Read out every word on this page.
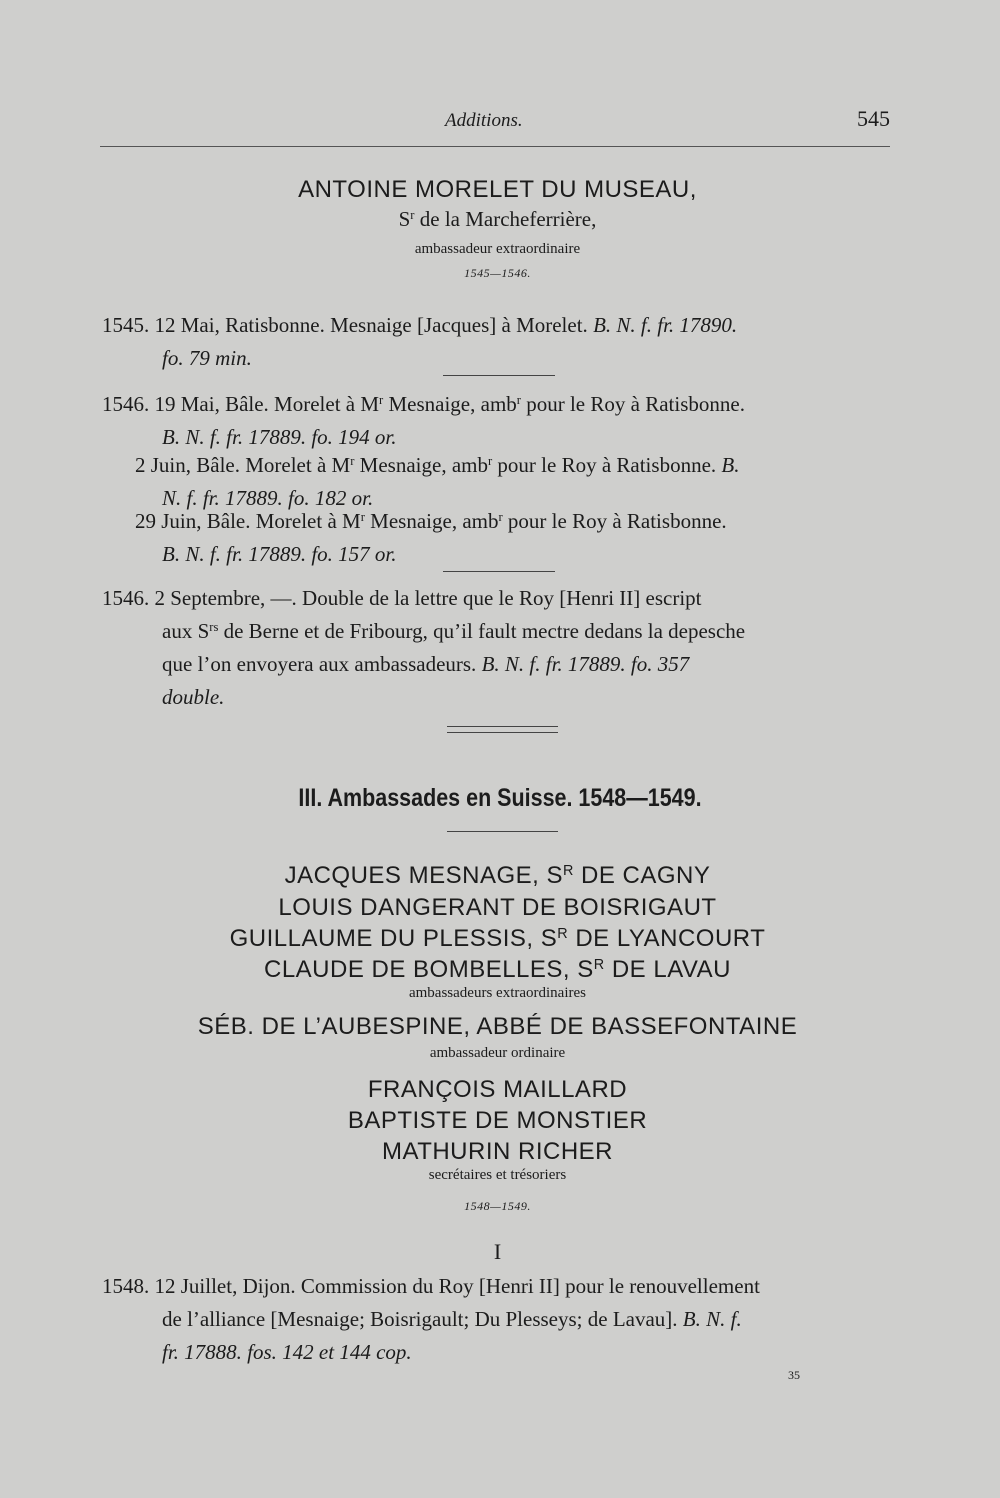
Additions.	545
ANTOINE MORELET DU MUSEAU,
$S^r$ de la Marcheferrière,
ambassadeur extraordinaire
1545—1546.
1545. 12 Mai, Ratisbonne. Mesnaige [Jacques] à Morelet. B. N. f. fr. 17890.
fo. 79 min.
1546. 19 Mai, Bâle. Morelet à $M^r$ Mesnaige, amb$^r$ pour le Roy à Ratisbonne.
B. N. f. fr. 17889. fo. 194 or.
2 Juin, Bâle. Morelet à $M^r$ Mesnaige, amb$^r$ pour le Roy à Ratisbonne. B.
N. f. fr. 17889. fo. 182 or.
29 Juin, Bâle. Morelet à $M^r$ Mesnaige, amb$^r$ pour le Roy à Ratisbonne.
B. N. f. fr. 17889. fo. 157 or.
1546. 2 Septembre, —. Double de la lettre que le Roy [Henri II] escript
aux $S^{rs}$ de Berne et de Fribourg, qu’il fault mectre dedans la depesche
que l’on envoyera aux ambassadeurs. B. N. f. fr. 17889. fo. 357
double.
III. Ambassades en Suisse. 1548—1549.
JACQUES MESNAGE, $S^R$ DE CAGNY
LOUIS DANGERANT DE BOISRIGAUT
GUILLAUME DU PLESSIS, $S^R$ DE LYANCOURT
CLAUDE DE BOMBELLES, $S^R$ DE LAVAU
ambassadeurs extraordinaires
SÉB. DE L’AUBESPINE, ABBÉ DE BASSEFONTAINE
ambassadeur ordinaire
FRANÇOIS MAILLARD
BAPTISTE DE MONSTIER
MATHURIN RICHER
secrétaires et trésoriers
1548—1549.
I
1548. 12 Juillet, Dijon. Commission du Roy [Henri II] pour le renouvellement
de l’alliance [Mesnaige; Boisrigault; Du Plesseys; de Lavau]. B. N. f.
fr. 17888. fos. 142 et 144 cop.
35
